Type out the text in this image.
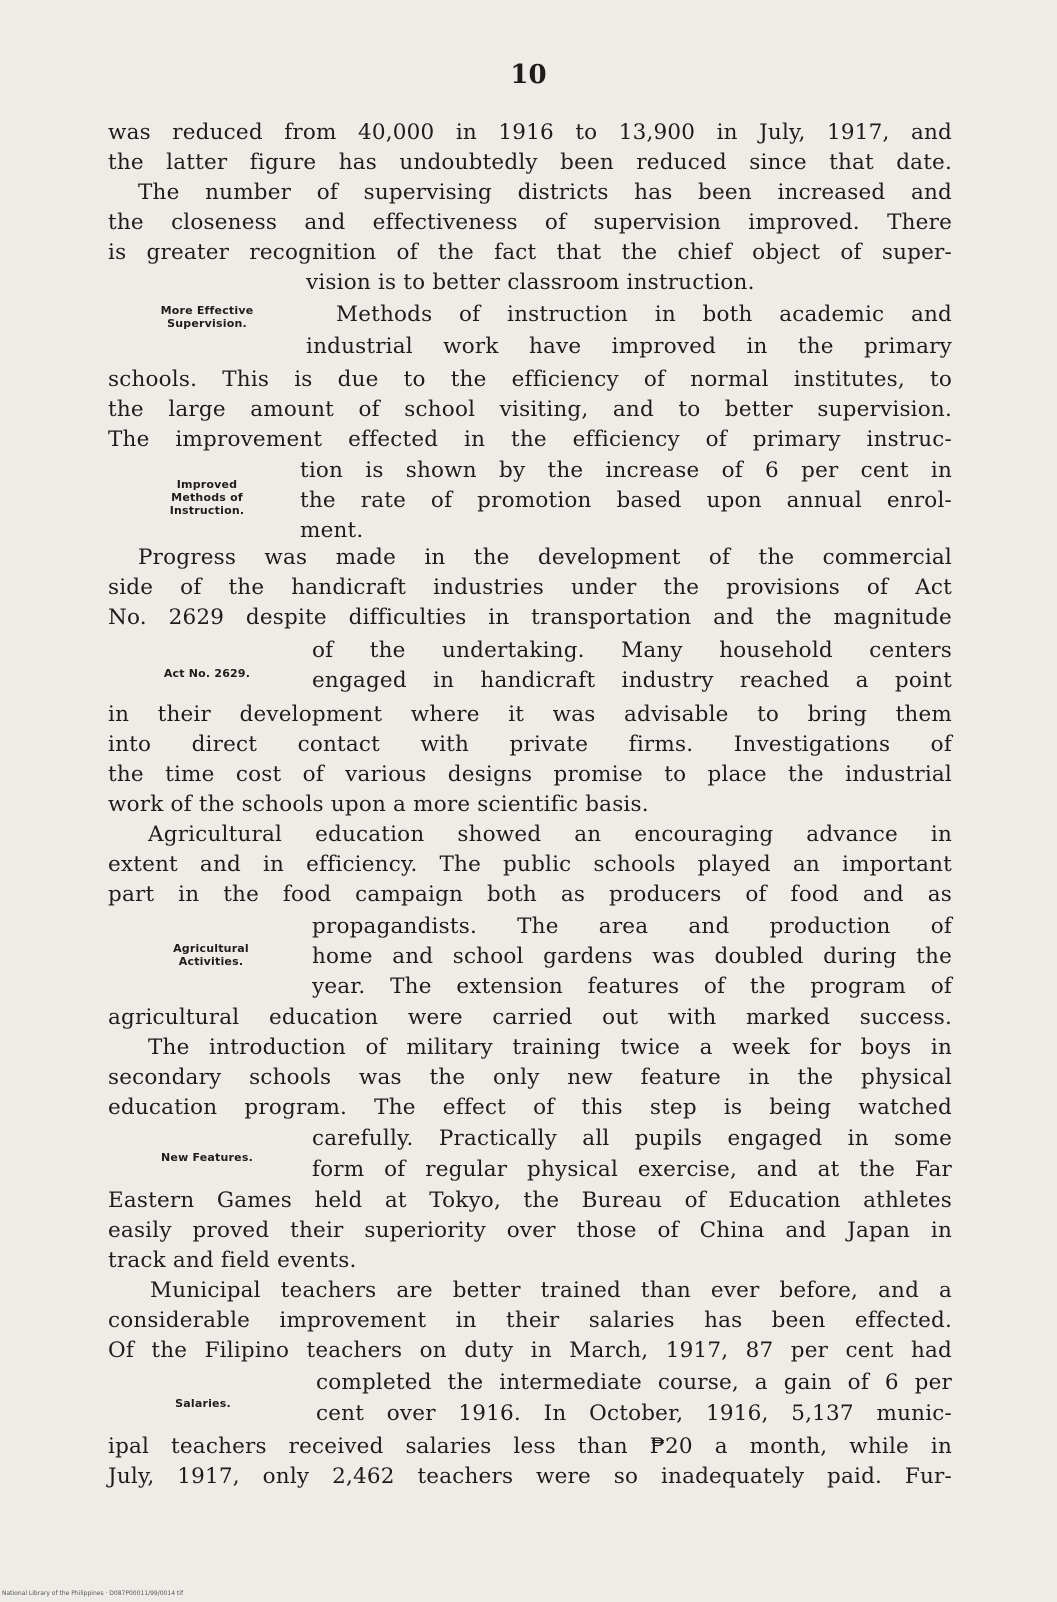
10
More Effective
Supervision.
Improved
Methods of
Instruction.
Act No. 2629.
Agricultural
Activities.
New Features.
Salaries.
was reduced from 40,000 in 1916 to 13,900 in July, 1917, and
the latter figure has undoubtedly been reduced since that date.
The number of supervising districts has been increased and
the closeness and effectiveness of supervision improved. There
is greater recognition of the fact that the chief object of super-
vision is to better classroom instruction.
Methods of instruction in both academic and
industrial work have improved in the primary
schools. This is due to the efficiency of normal institutes, to
the large amount of school visiting, and to better supervision.
The improvement effected in the efficiency of primary instruc-
tion is shown by the increase of 6 per cent in
the rate of promotion based upon annual enrol-
ment.
Progress was made in the development of the commercial
side of the handicraft industries under the provisions of Act
No. 2629 despite difficulties in transportation and the magnitude
of the undertaking. Many household centers
engaged in handicraft industry reached a point
in their development where it was advisable to bring them
into direct contact with private firms. Investigations of
the time cost of various designs promise to place the industrial
work of the schools upon a more scientific basis.
Agricultural education showed an encouraging advance in
extent and in efficiency. The public schools played an important
part in the food campaign both as producers of food and as
propagandists. The area and production of
home and school gardens was doubled during the
year. The extension features of the program of
agricultural education were carried out with marked success.
The introduction of military training twice a week for boys in
secondary schools was the only new feature in the physical
education program. The effect of this step is being watched
carefully. Practically all pupils engaged in some
form of regular physical exercise, and at the Far
Eastern Games held at Tokyo, the Bureau of Education athletes
easily proved their superiority over those of China and Japan in
track and field events.
Municipal teachers are better trained than ever before, and a
considerable improvement in their salaries has been effected.
Of the Filipino teachers on duty in March, 1917, 87 per cent had
completed the intermediate course, a gain of 6 per
cent over 1916. In October, 1916, 5,137 munic-
ipal teachers received salaries less than ₱20 a month, while in
July, 1917, only 2,462 teachers were so inadequately paid. Fur-
National Library of the Philippines · D087P00011/99/0014 tif
